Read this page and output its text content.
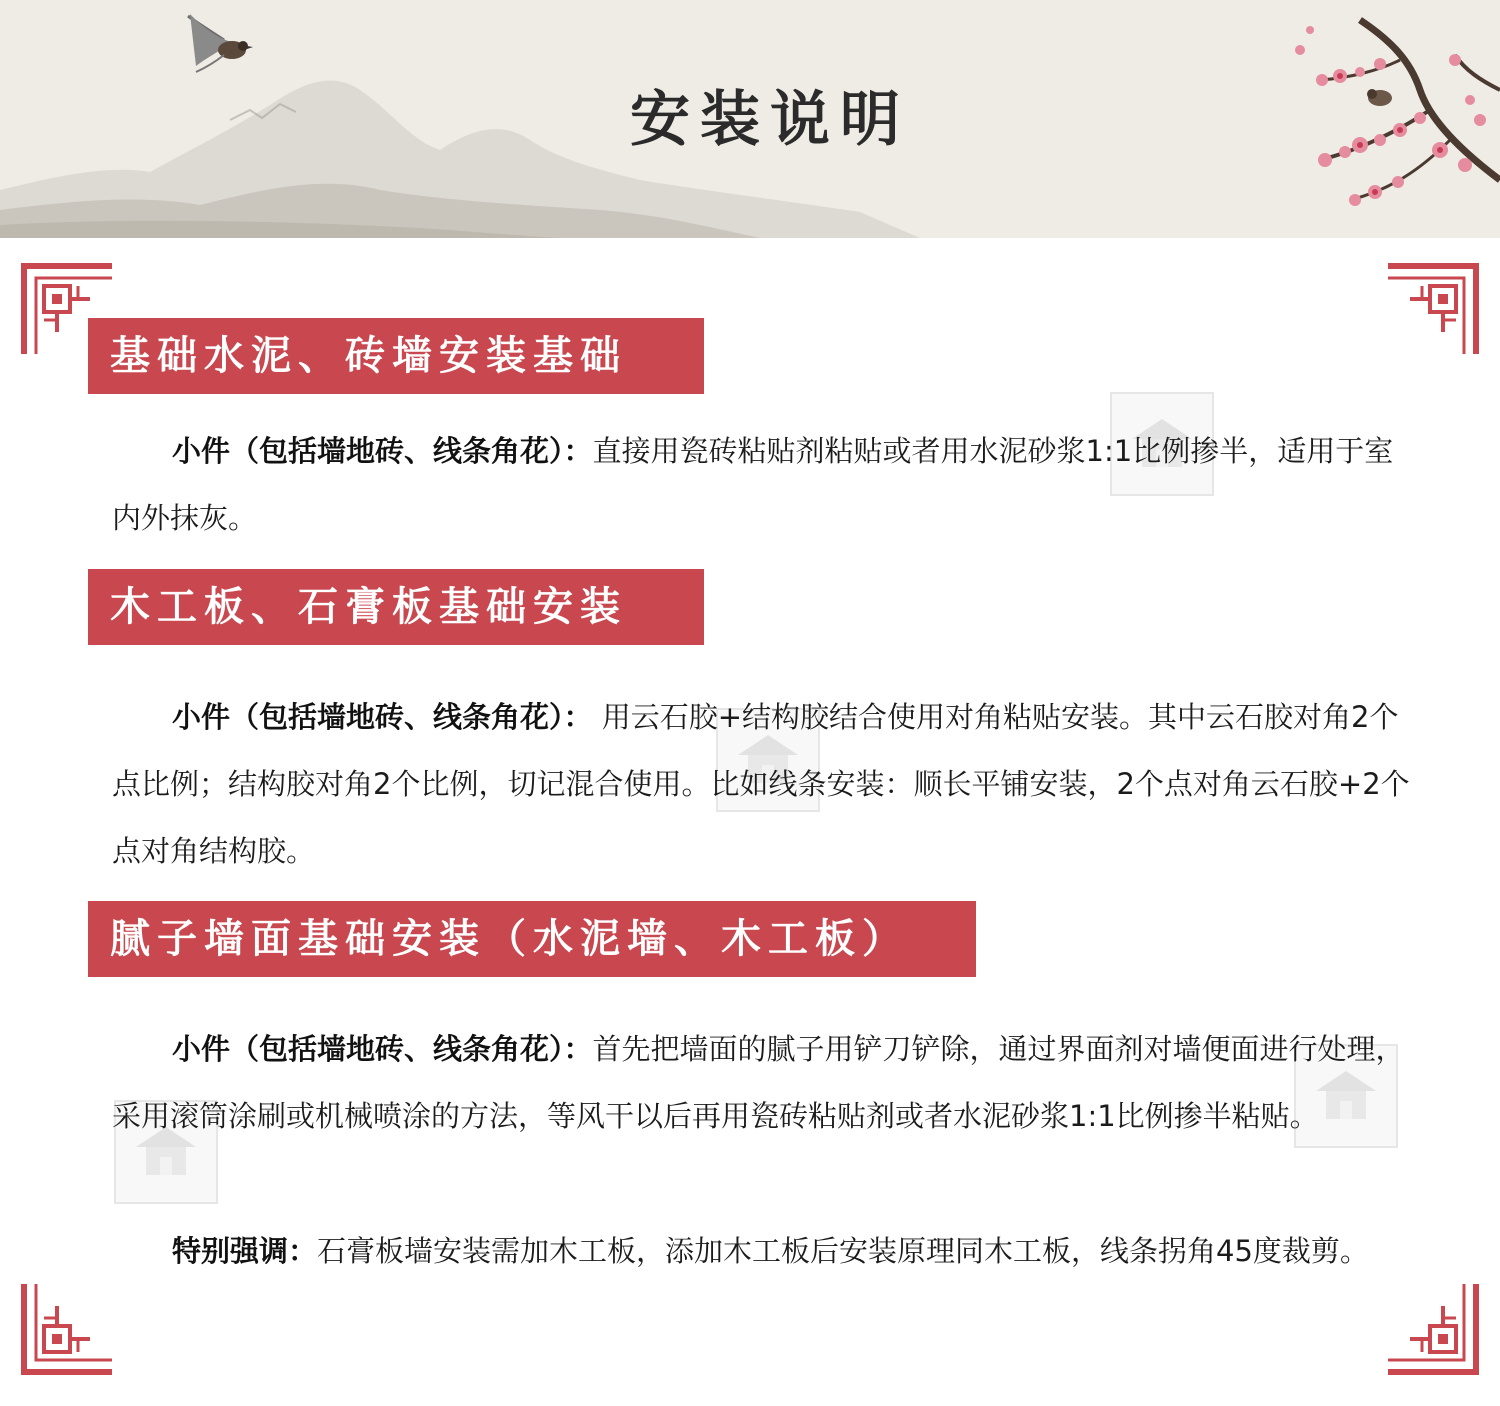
安装说明
基础水泥、砖墙安装基础
小件（包括墙地砖、线条角花）：直接用瓷砖粘贴剂粘贴或者用水泥砂浆1:1比例掺半，适用于室内外抹灰。
木工板、石膏板基础安装
小件（包括墙地砖、线条角花）： 用云石胶+结构胶结合使用对角粘贴安装。其中云石胶对角2个点比例；结构胶对角2个比例，切记混合使用。比如线条安装：顺长平铺安装，2个点对角云石胶+2个点对角结构胶。
腻子墙面基础安装（水泥墙、木工板）
小件（包括墙地砖、线条角花）：首先把墙面的腻子用铲刀铲除，通过界面剂对墙便面进行处理，采用滚筒涂刷或机械喷涂的方法，等风干以后再用瓷砖粘贴剂或者水泥砂浆1:1比例掺半粘贴。
特别强调：石膏板墙安装需加木工板，添加木工板后安装原理同木工板，线条拐角45度裁剪。
